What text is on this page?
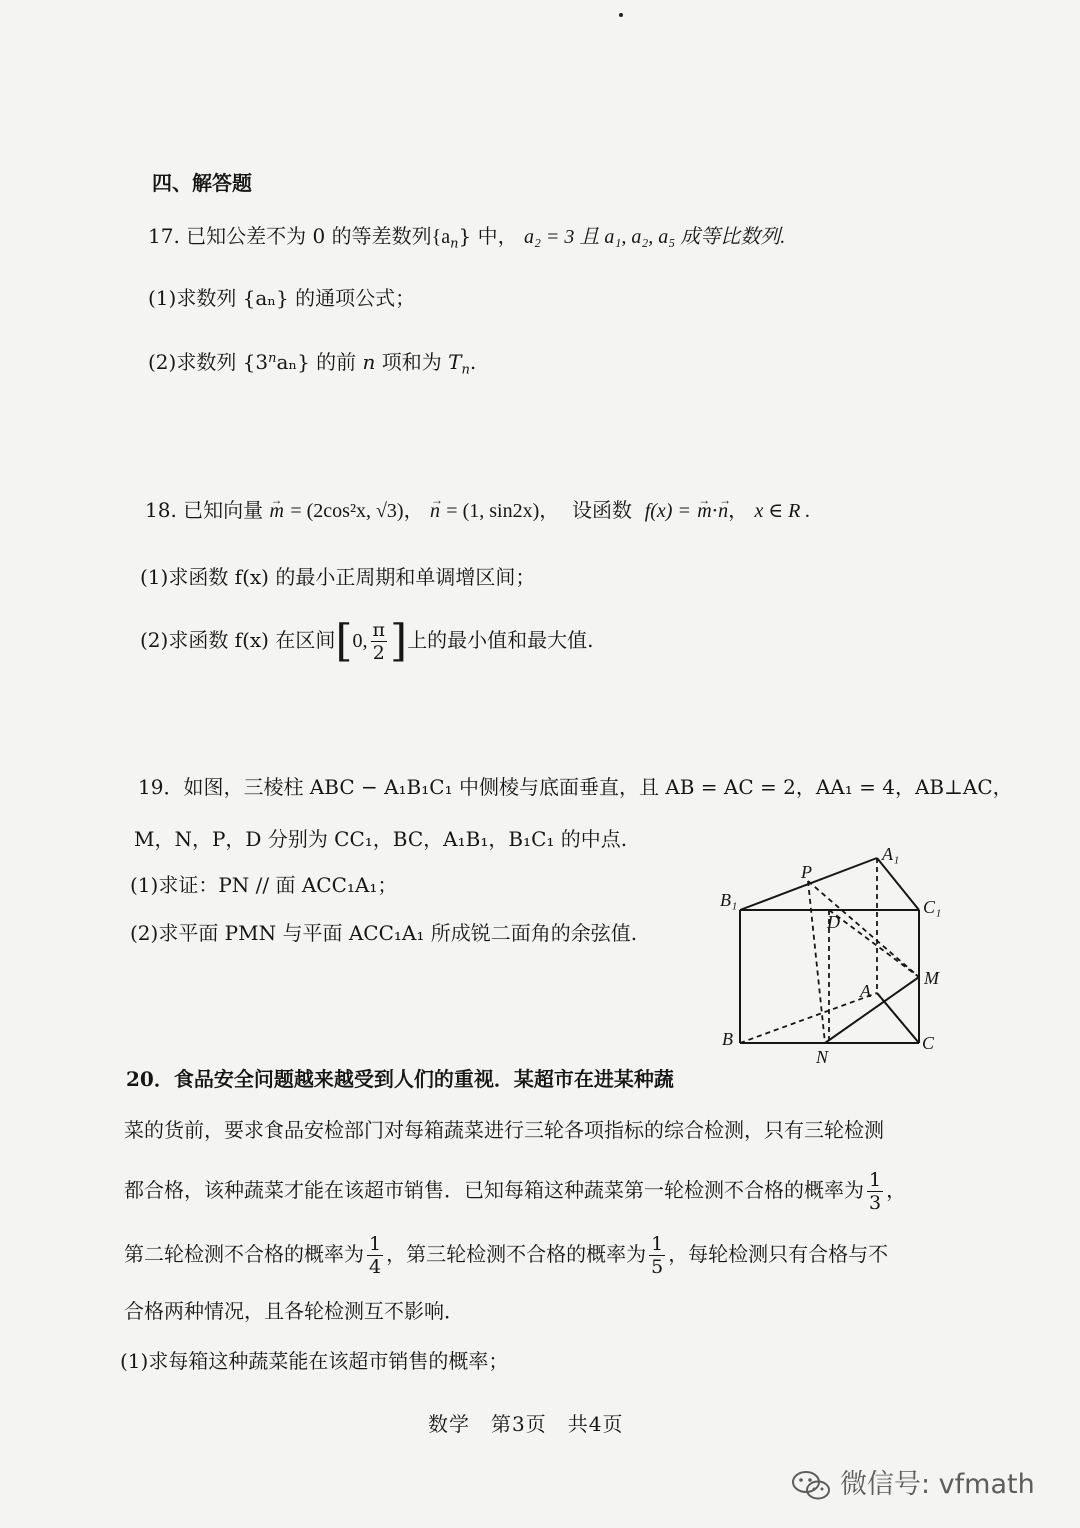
四、解答题
17. 已知公差不为 0 的等差数列$\{a_n\}$ 中， a₂ = 3 且 a₁, a₂, a₅ 成等比数列.
(1)求数列 {aₙ} 的通项公式；
(2)求数列 {3$^n$aₙ} 的前 n 项和为 $T_n$.
18. 已知向量 → m = (2cos²x, √3)， → n = (1, sin2x)， 设函数 f(x) = → m·→ n， x ∈ R .
(1)求函数 f(x) 的最小正周期和单调增区间；
(2)求函数 f(x) 在区间[0, $\frac{\pi}{2}$ ]上的最小值和最大值.
19．如图，三棱柱 ABC − A₁B₁C₁ 中侧棱与底面垂直，且 AB = AC = 2，AA₁ = 4，AB⊥AC，
M，N，P，D 分别为 CC₁，BC，A₁B₁，B₁C₁ 的中点.
(1)求证：PN // 面 ACC₁A₁；
(2)求平面 PMN 与平面 ACC₁A₁ 所成锐二面角的余弦值.
A₁
B₁	C₁
P
D
M
A
B	C
N
20．食品安全问题越来越受到人们的重视．某超市在进某种蔬
菜的货前，要求食品安检部门对每箱蔬菜进行三轮各项指标的综合检测，只有三轮检测
都合格，该种蔬菜才能在该超市销售．已知每箱这种蔬菜第一轮检测不合格的概率为 $\frac{1}{3}$ ，
第二轮检测不合格的概率为 $\frac{1}{4}$ ，第三轮检测不合格的概率为 $\frac{1}{5}$ ，每轮检测只有合格与不
合格两种情况，且各轮检测互不影响．
(1)求每箱这种蔬菜能在该超市销售的概率；
数学　第3页　共4页
微信号: vfmath
